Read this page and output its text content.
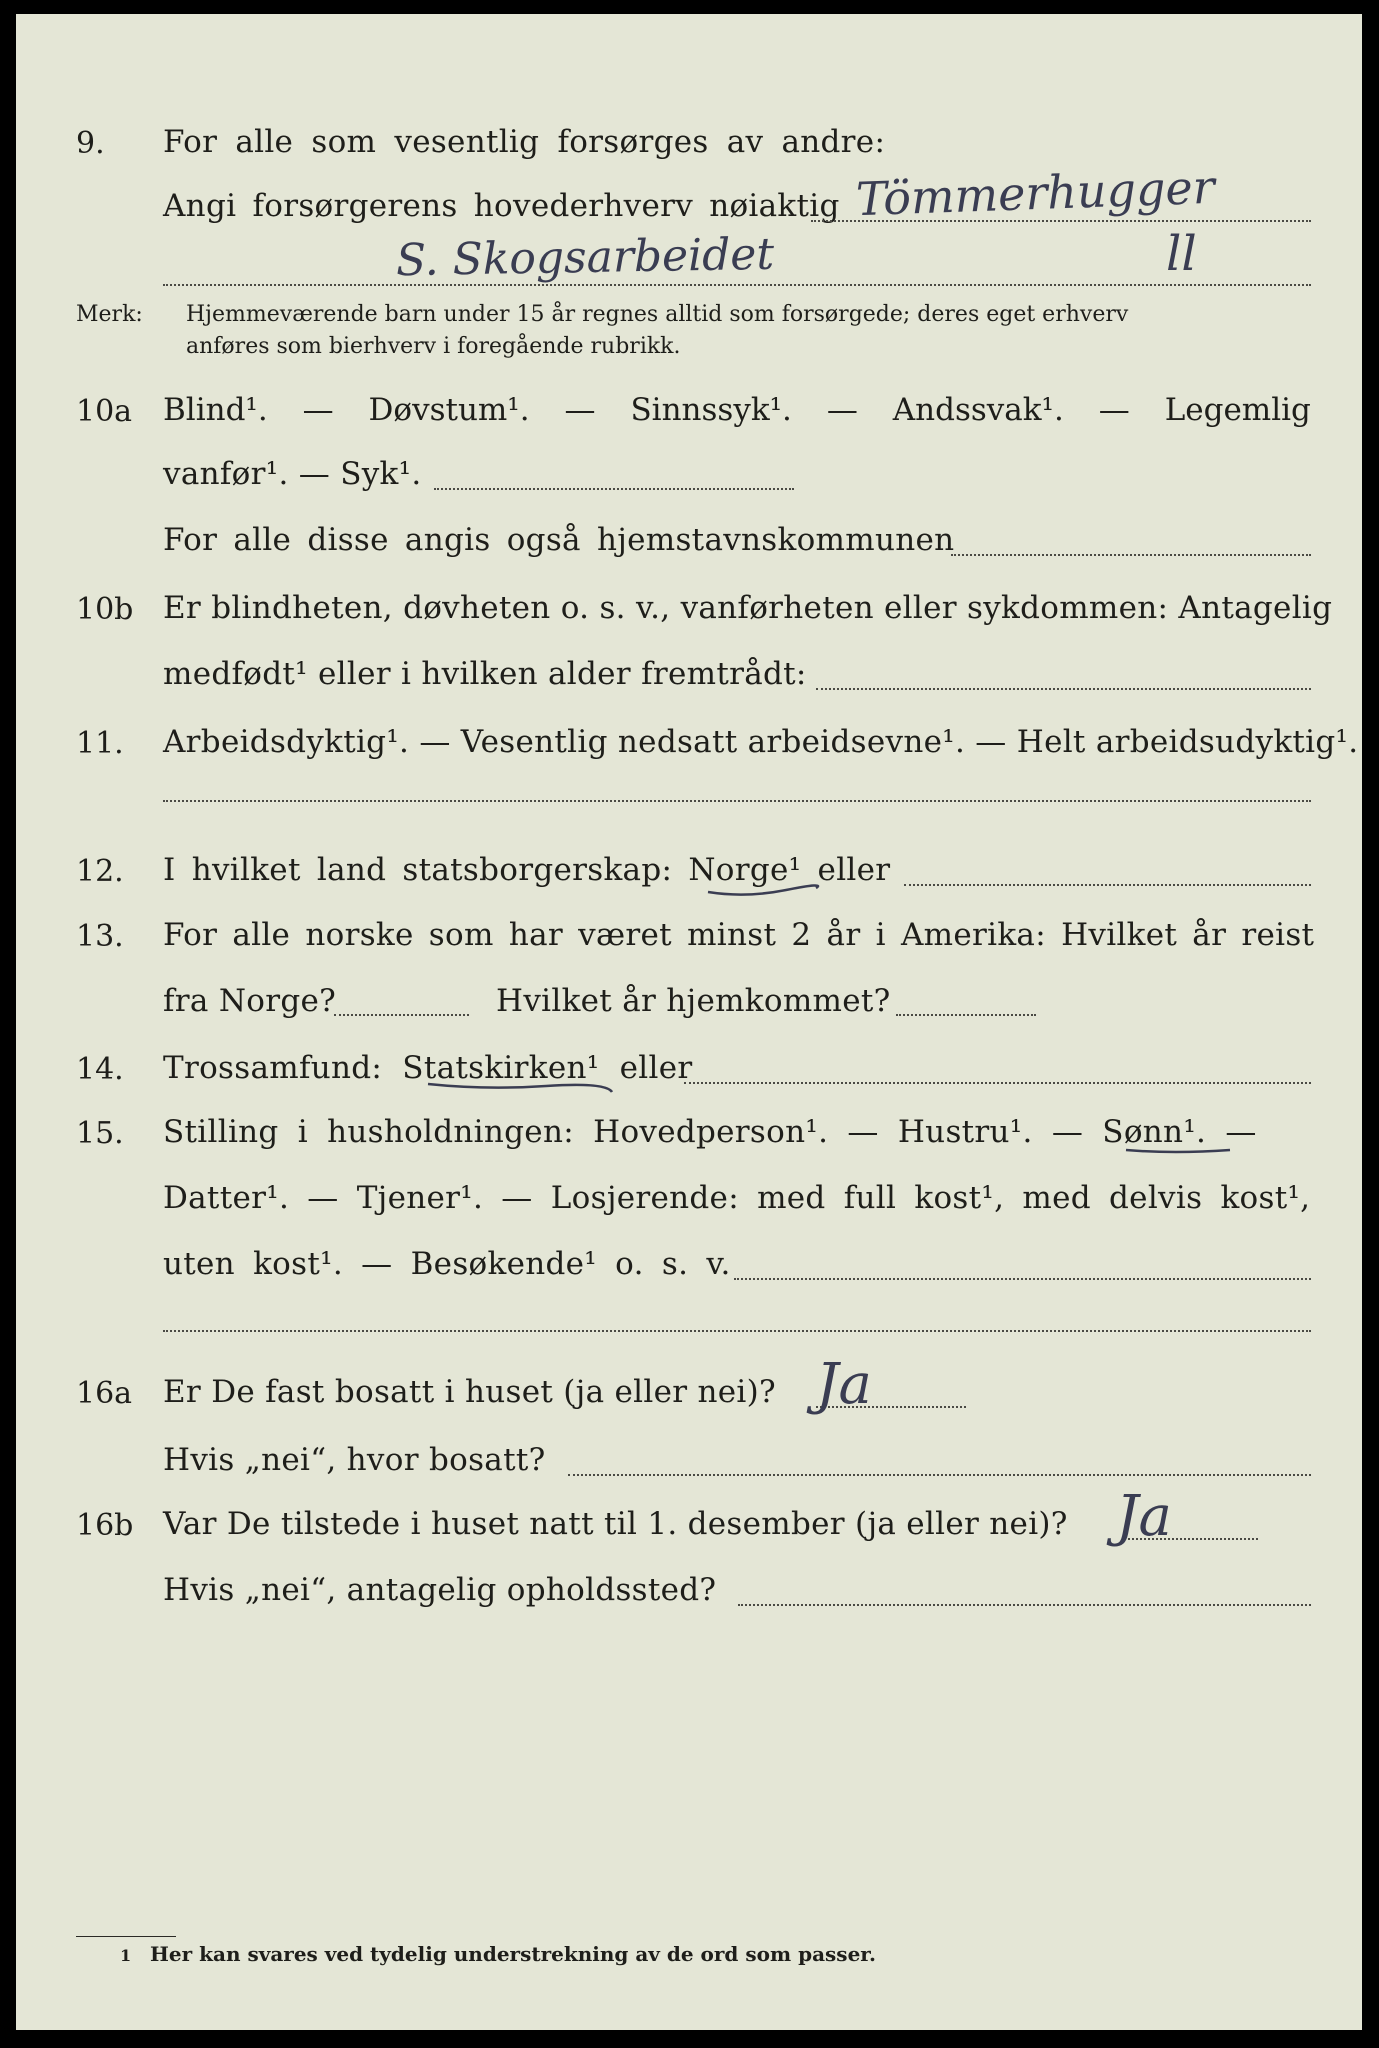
9. For alle som vesentlig forsørges av andre:
Angi forsørgerens hovederhverv nøiaktig Tömmerhugger
S. Skogsarbeidet	ll
Merk: Hjemmeværende barn under 15 år regnes alltid som forsørgede; deres eget erhverv
anføres som bierhverv i foregående rubrikk.
10a Blind¹. — Døvstum¹. — Sinnssyk¹. — Andssvak¹. — Legemlig
vanfør¹. — Syk¹.
For alle disse angis også hjemstavnskommunen
10b Er blindheten, døvheten o. s. v., vanførheten eller sykdommen: Antagelig
medfødt¹ eller i hvilken alder fremtrådt:
11. Arbeidsdyktig¹. — Vesentlig nedsatt arbeidsevne¹. — Helt arbeidsudyktig¹.
12. I hvilket land statsborgerskap: Norge¹ eller
13. For alle norske som har været minst 2 år i Amerika: Hvilket år reist
fra Norge?	Hvilket år hjemkommet?
14. Trossamfund: Statskirken¹ eller
15. Stilling i husholdningen: Hovedperson¹. — Hustru¹. — Sønn¹. —
Datter¹. — Tjener¹. — Losjerende: med full kost¹, med delvis kost¹,
uten kost¹. — Besøkende¹ o. s. v.
16a Er De fast bosatt i huset (ja eller nei)? Ja
Hvis „nei“, hvor bosatt?
16b Var De tilstede i huset natt til 1. desember (ja eller nei)? Ja
Hvis „nei“, antagelig opholdssted?
1 Her kan svares ved tydelig understrekning av de ord som passer.
